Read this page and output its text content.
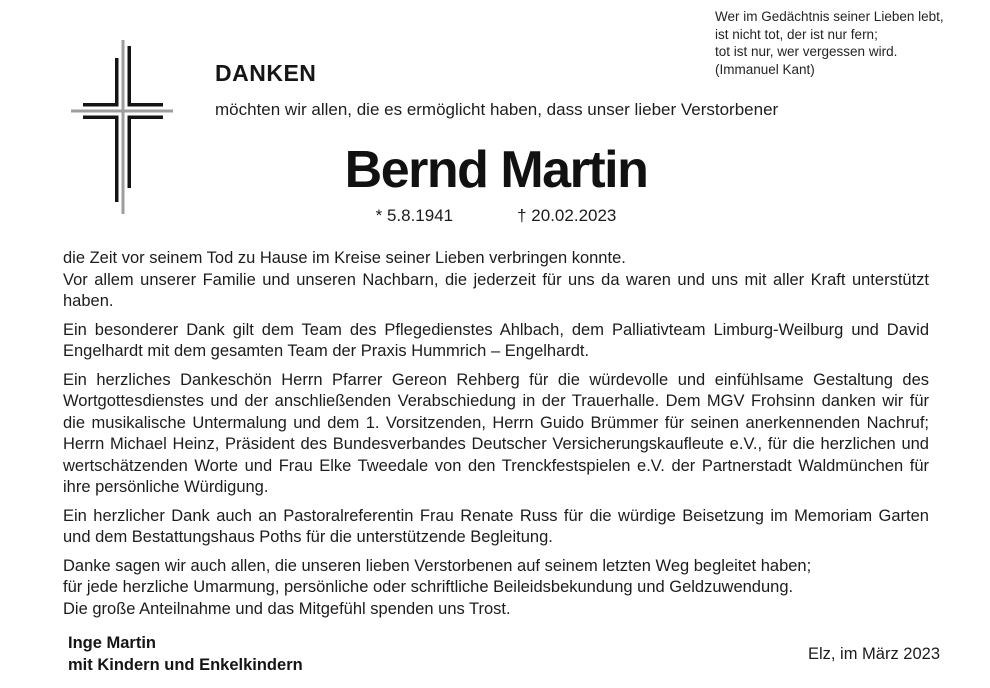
Wer im Gedächtnis seiner Lieben lebt,
ist nicht tot, der ist nur fern;
tot ist nur, wer vergessen wird.
(Immanuel Kant)
DANKEN
möchten wir allen, die es ermöglicht haben, dass unser lieber Verstorbener
Bernd Martin
* 5.8.1941	† 20.02.2023

die Zeit vor seinem Tod zu Hause im Kreise seiner Lieben verbringen konnte.
Vor allem unserer Familie und unseren Nachbarn, die jederzeit für uns da waren und uns mit aller Kraft unterstützt haben.

Ein besonderer Dank gilt dem Team des Pflegedienstes Ahlbach, dem Palliativteam Limburg-Weilburg und David Engelhardt mit dem gesamten Team der Praxis Hummrich – Engelhardt.

Ein herzliches Dankeschön Herrn Pfarrer Gereon Rehberg für die würdevolle und einfühlsame Gestaltung des Wortgottesdienstes und der anschließenden Verabschiedung in der Trauerhalle. Dem MGV Frohsinn danken wir für die musikalische Untermalung und dem 1. Vorsitzenden, Herrn Guido Brümmer für seinen anerkennenden Nachruf; Herrn Michael Heinz, Präsident des Bundesverbandes Deutscher Versicherungskaufleute e.V., für die herzlichen und wertschätzenden Worte und Frau Elke Tweedale von den Trenckfestspielen e.V. der Partnerstadt Waldmünchen für ihre persönliche Würdigung.

Ein herzlicher Dank auch an Pastoralreferentin Frau Renate Russ für die würdige Beisetzung im Memoriam Garten und dem Bestattungshaus Poths für die unterstützende Begleitung.

Danke sagen wir auch allen, die unseren lieben Verstorbenen auf seinem letzten Weg begleitet haben;
für jede herzliche Umarmung, persönliche oder schriftliche Beileidsbekundung und Geldzuwendung.
Die große Anteilnahme und das Mitgefühl spenden uns Trost.

Inge Martin
mit Kindern und Enkelkindern
Elz, im März 2023
